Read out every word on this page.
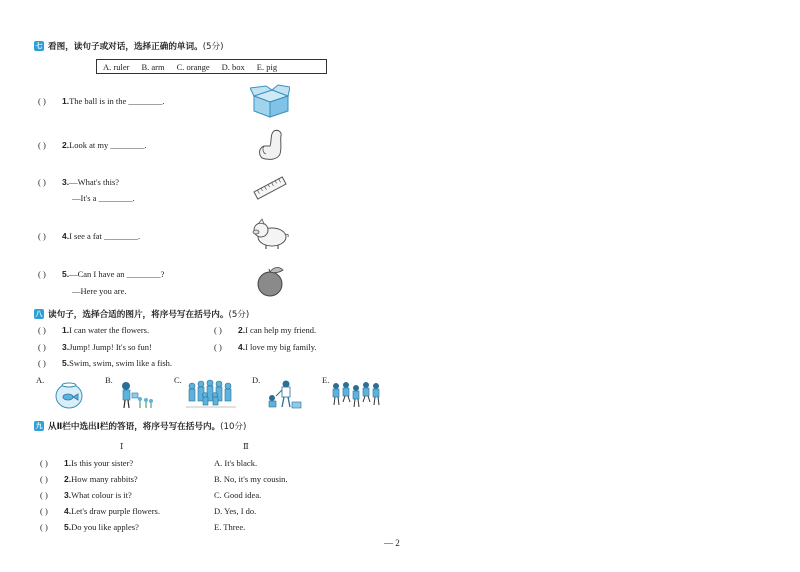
七 看图，读句子或对话，选择正确的单词。 (5分)
A. ruler	B. arm	C. orange	D. box	E. pig
( )	1.The ball is in the ________.
( )	2.Look at my ________.
( )	3.—What's this?
—It's a ________.
( )	4.I see a fat ________.
( )	5.—Can I have an ________?
—Here you are.
八 读句子，选择合适的图片，将序号写在括号内。 (5分)
( )	1.I can water the flowers.	( )	2.I can help my friend.
( )	3.Jump! Jump! It's so fun!	( )	4.I love my big family.
( )	5.Swim, swim, swim like a fish.
A.	B.	C.	D.	E.
九 从Ⅱ栏中选出Ⅰ栏的答语，将序号写在括号内。 (10分)
Ⅰ	Ⅱ
( )	1.Is this your sister?	A. It's black.
( )	2.How many rabbits?	B. No, it's my cousin.
( )	3.What colour is it?	C. Good idea.
( )	4.Let's draw purple flowers.	D. Yes, I do.
( )	5.Do you like apples?	E. Three.
— 2
